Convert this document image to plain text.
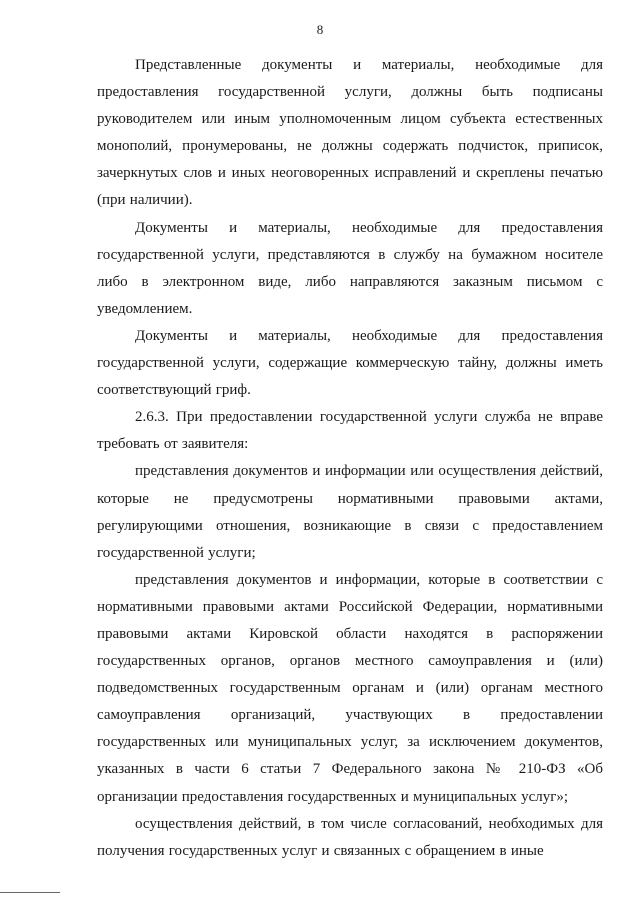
8

Представленные документы и материалы, необходимые для предоставления государственной услуги, должны быть подписаны руководителем или иным уполномоченным лицом субъекта естественных монополий, пронумерованы, не должны содержать подчисток, приписок, зачеркнутых слов и иных неоговоренных исправлений и скреплены печатью (при наличии).

Документы и материалы, необходимые для предоставления государственной услуги, представляются в службу на бумажном носителе либо в электронном виде, либо направляются заказным письмом с уведомлением.

Документы и материалы, необходимые для предоставления государственной услуги, содержащие коммерческую тайну, должны иметь соответствующий гриф.

2.6.3. При предоставлении государственной услуги служба не вправе требовать от заявителя:

представления документов и информации или осуществления действий, которые не предусмотрены нормативными правовыми актами, регулирующими отношения, возникающие в связи с предоставлением государственной услуги;

представления документов и информации, которые в соответствии с нормативными правовыми актами Российской Федерации, нормативными правовыми актами Кировской области находятся в распоряжении государственных органов, органов местного самоуправления и (или) подведомственных государственным органам и (или) органам местного самоуправления организаций, участвующих в предоставлении государственных или муниципальных услуг, за исключением документов, указанных в части 6 статьи 7 Федерального закона № 210-ФЗ «Об организации предоставления государственных и муниципальных услуг»;

осуществления действий, в том числе согласований, необходимых для получения государственных услуг и связанных с обращением в иные
